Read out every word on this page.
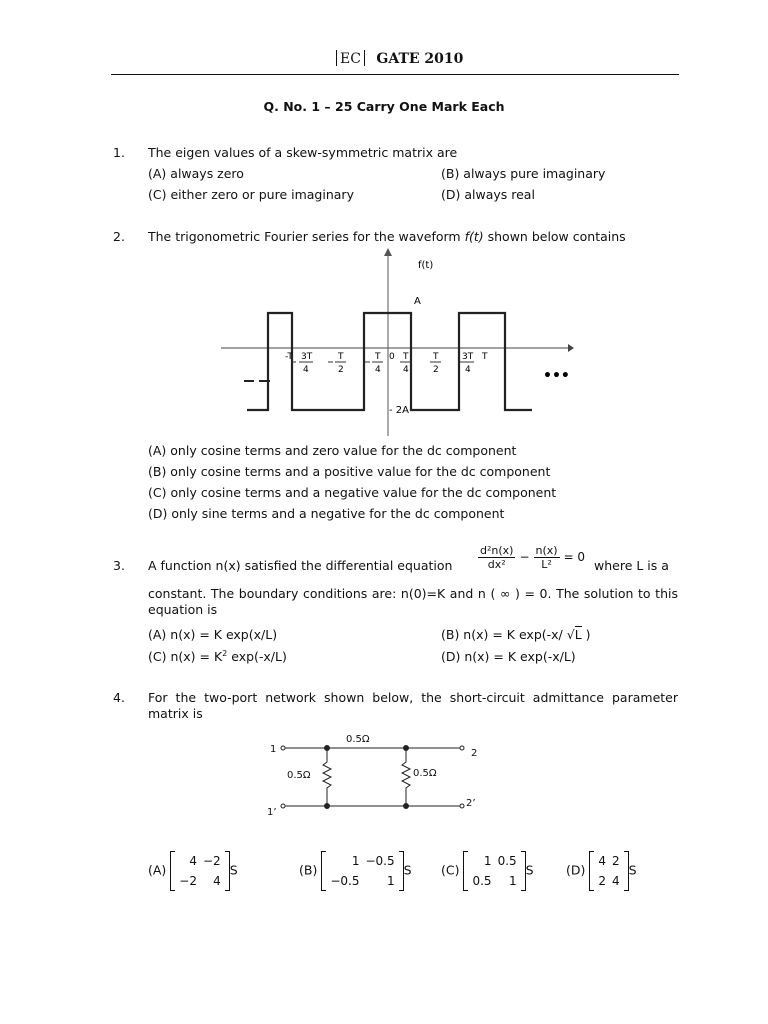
EC GATE 2010
Q. No. 1 – 25 Carry One Mark Each
1. The eigen values of a skew-symmetric matrix are
(A) always zero	(B) always pure imaginary
(C) either zero or pure imaginary	(D) always real
2. The trigonometric Fourier series for the waveform f(t) shown below contains
f(t)
A
- 2A
•••
-T 3T	T	T 0 T	T	3T T
4	2	4 4	2	4
0.5Ω
0.5Ω	0.5Ω
1
1’
2
2’
(A) only cosine terms and zero value for the dc component
(B) only cosine terms and a positive value for the dc component
(C) only cosine terms and a negative value for the dc component
(D) only sine terms and a negative for the dc component
3. A function n(x) satisfied the differential equation $\frac{\text{d²n(x)}}{\text{dx²}} - \frac{n(x)}{\text{L²}} = 0$
where L is a
constant. The boundary conditions are: n(0)=K and n ( ∞ ) = 0. The solution to this equation is
(A) n(x) = K exp(x/L)	(B) n(x) = K exp(-x/ √L )
(C) $n(x) = K^2$ exp(-x/L)	(D) n(x) = K exp(-x/L)
4. For the two-port network shown below, the short-circuit admittance parameter matrix is
(A)
4	−2
−2	4
S	(B)
1	−0.5
−0.5	1
S (C)
1	0.5
0.5	1
S	(D)
4	2
2	4
S
